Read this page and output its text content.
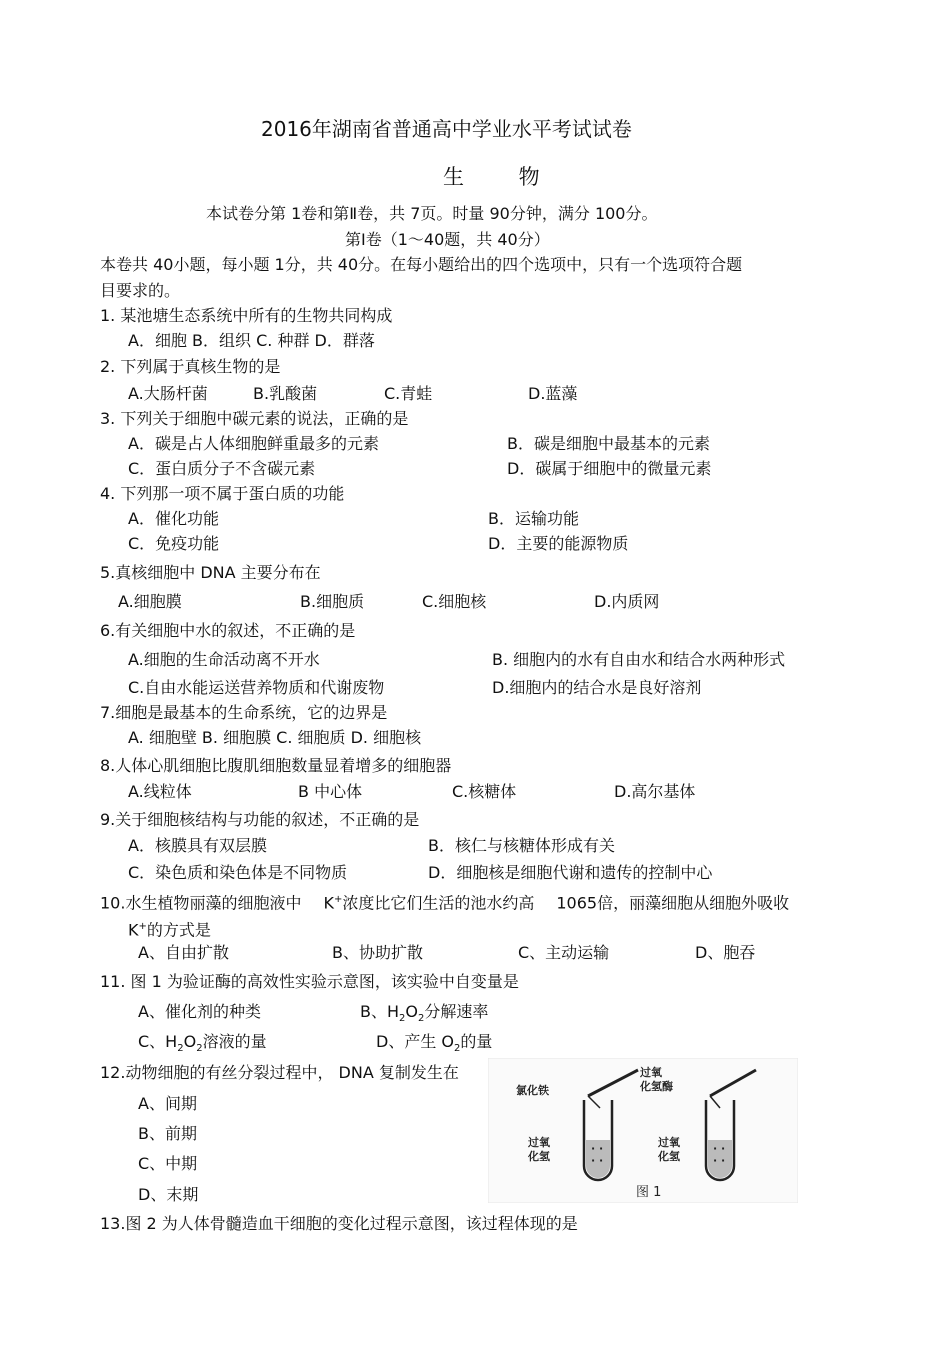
2016年湖南省普通高中学业水平考试试卷
生 物
本试卷分第 1卷和第Ⅱ卷，共 7页。时量 90分钟，满分 100分。
第Ⅰ卷（1～40题，共 40分）
本卷共 40小题，每小题 1分，共 40分。在每小题给出的四个选项中，只有一个选项符合题
目要求的。
1. 某池塘生态系统中所有的生物共同构成
A．细胞 B．组织 C. 种群 D．群落
2. 下列属于真核生物的是
A.大肠杆菌	B.乳酸菌	C.青蛙	D.蓝藻
3. 下列关于细胞中碳元素的说法，正确的是
A．碳是占人体细胞鲜重最多的元素	B．碳是细胞中最基本的元素
C．蛋白质分子不含碳元素	D．碳属于细胞中的微量元素
4. 下列那一项不属于蛋白质的功能
A．催化功能	B．运输功能
C．免疫功能	D．主要的能源物质
5.真核细胞中 DNA 主要分布在
A.细胞膜	B.细胞质	C.细胞核	D.内质网
6.有关细胞中水的叙述，不正确的是
A.细胞的生命活动离不开水	B. 细胞内的水有自由水和结合水两种形式
C.自由水能运送营养物质和代谢废物	D.细胞内的结合水是良好溶剂
7.细胞是最基本的生命系统，它的边界是
A. 细胞壁 B. 细胞膜 C. 细胞质 D. 细胞核
8.人体心肌细胞比腹肌细胞数量显着增多的细胞器
A.线粒体	B 中心体	C.核糖体	D.高尔基体
9.关于细胞核结构与功能的叙述，不正确的是
A．核膜具有双层膜	B．核仁与核糖体形成有关
C．染色质和染色体是不同物质	D．细胞核是细胞代谢和遗传的控制中心
10.水生植物丽藻的细胞液中 K+浓度比它们生活的池水约高 1065倍，丽藻细胞从细胞外吸收
K+的方式是
A、自由扩散	B、协助扩散	C、主动运输	D、胞吞
11. 图 1 为验证酶的高效性实验示意图，该实验中自变量是
A、催化剂的种类	B、$H_2O_2$分解速率
C、$H_2O_2$溶液的量	D、产生 $O_2$的量
12.动物细胞的有丝分裂过程中， DNA 复制发生在
A、间期
B、前期
C、中期
D、末期
· ·
· ·
· ·
· ·
氯化铁
过氧
化氢酶
过氧
化氢
过氧
化氢
图 1
13.图 2 为人体骨髓造血干细胞的变化过程示意图，该过程体现的是
